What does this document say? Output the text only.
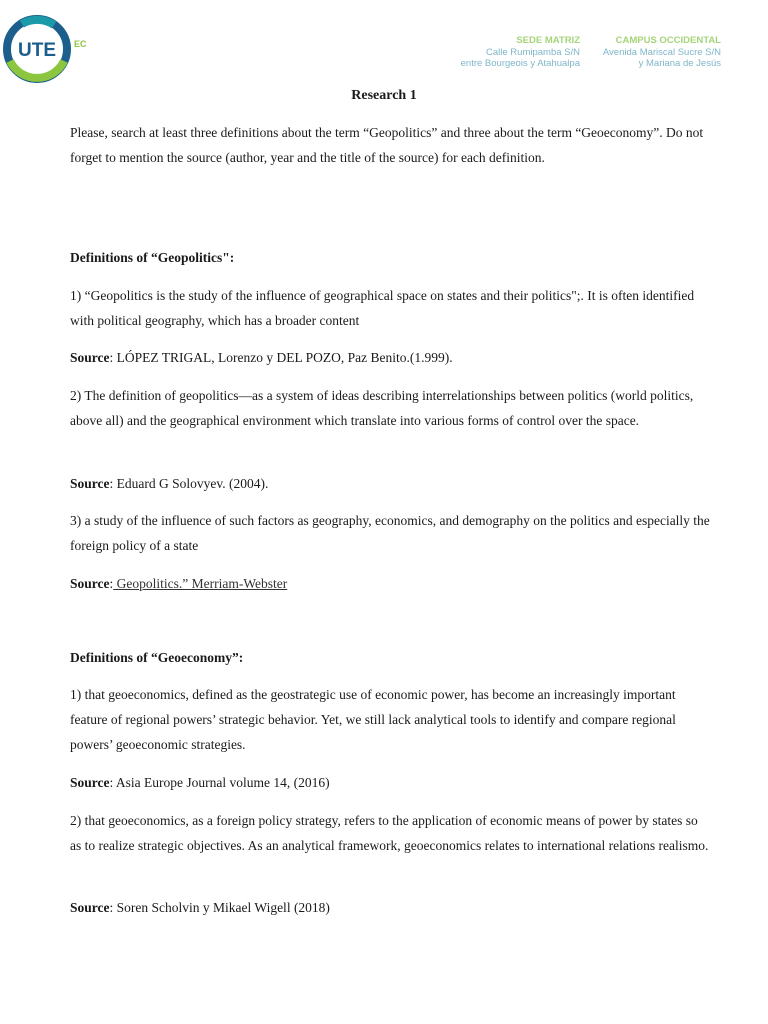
UTE EC	SEDE MATRIZ
Calle Rumipamba S/N
entre Bourgeois y Atahualpa
CAMPUS OCCIDENTAL
Avenida Mariscal Sucre S/N
y Mariana de Jesús
Research 1

Please, search at least three definitions about the term “Geopolitics” and three about the term “Geoeconomy”. Do not forget to mention the source (author, year and the title of the source) for each definition.

Definitions of “Geopolitics":

1) “Geopolitics is the study of the influence of geographical space on states and their politics";. It is often identified with political geography, which has a broader content

Source: LÓPEZ TRIGAL, Lorenzo y DEL POZO, Paz Benito.(1.999).

2) The definition of geopolitics—as a system of ideas describing interrelationships between politics (world politics, above all) and the geographical environment which translate into various forms of control over the space.

Source: Eduard G Solovyev. (2004).

3) a study of the influence of such factors as geography, economics, and demography on the politics and especially the foreign policy of a state

Source: Geopolitics.” Merriam-Webster

Definitions of “Geoeconomy”:

1) that geoeconomics, defined as the geostrategic use of economic power, has become an increasingly important feature of regional powers’ strategic behavior. Yet, we still lack analytical tools to identify and compare regional powers’ geoeconomic strategies.

Source: Asia Europe Journal volume 14, (2016)

2) that geoeconomics, as a foreign policy strategy, refers to the application of economic means of power by states so as to realize strategic objectives. As an analytical framework, geoeconomics relates to international relations realismo.

Source: Soren Scholvin y Mikael Wigell (2018)
